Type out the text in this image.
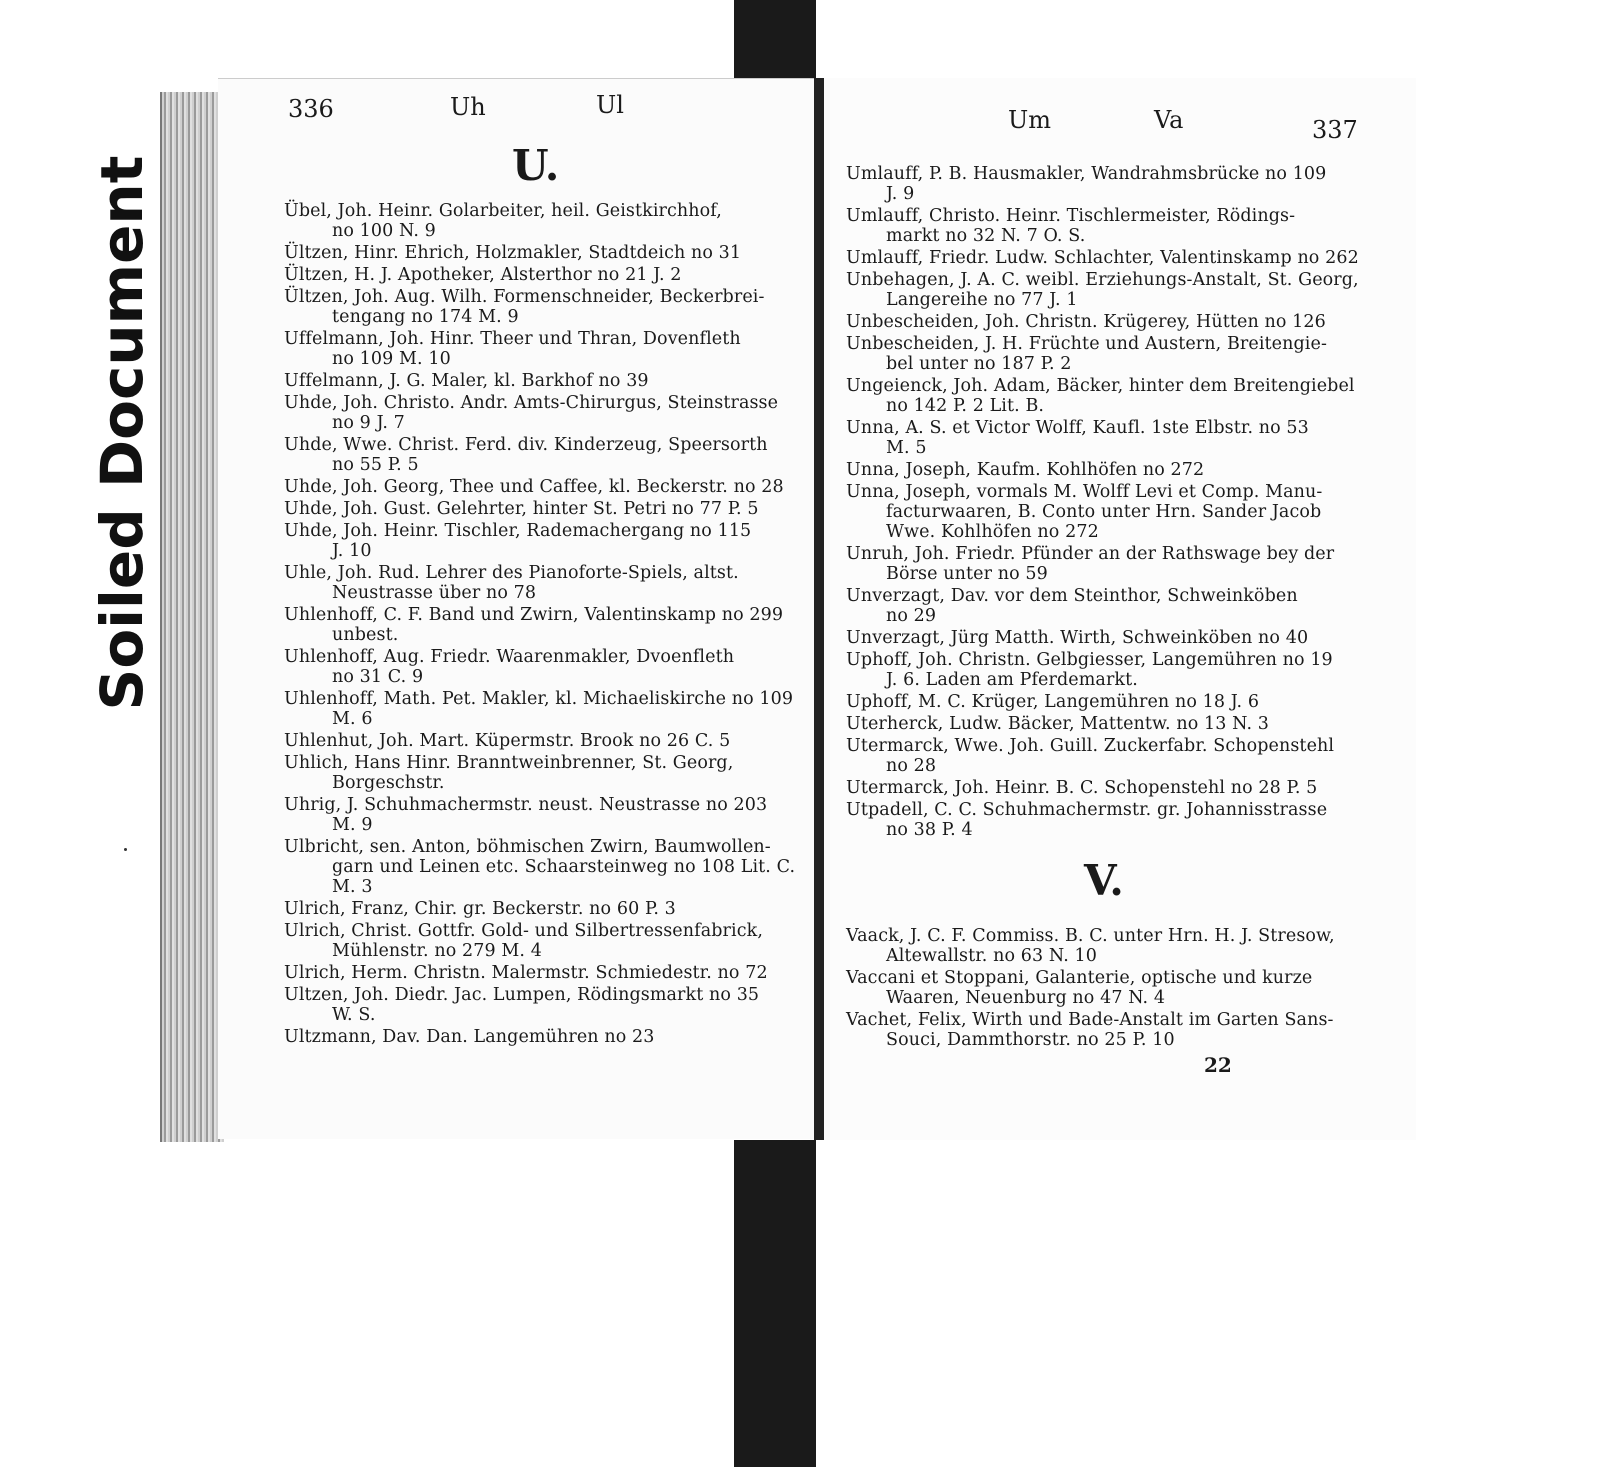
Soiled Document
336	Uh	Ul
U.
Übel, Joh. Heinr. Golarbeiter, heil. Geistkirchhof,
no 100 N. 9
Ültzen, Hinr. Ehrich, Holzmakler, Stadtdeich no 31
Ültzen, H. J. Apotheker, Alsterthor no 21 J. 2
Ültzen, Joh. Aug. Wilh. Formenschneider, Beckerbrei-
tengang no 174 M. 9
Uffelmann, Joh. Hinr. Theer und Thran, Dovenfleth
no 109 M. 10
Uffelmann, J. G. Maler, kl. Barkhof no 39
Uhde, Joh. Christo. Andr. Amts-Chirurgus, Steinstrasse
no 9 J. 7
Uhde, Wwe. Christ. Ferd. div. Kinderzeug, Speersorth
no 55 P. 5
Uhde, Joh. Georg, Thee und Caffee, kl. Beckerstr. no 28
Uhde, Joh. Gust. Gelehrter, hinter St. Petri no 77 P. 5
Uhde, Joh. Heinr. Tischler, Rademachergang no 115
J. 10
Uhle, Joh. Rud. Lehrer des Pianoforte-Spiels, altst.
Neustrasse über no 78
Uhlenhoff, C. F. Band und Zwirn, Valentinskamp no 299
unbest.
Uhlenhoff, Aug. Friedr. Waarenmakler, Dvoenfleth
no 31 C. 9
Uhlenhoff, Math. Pet. Makler, kl. Michaeliskirche no 109
M. 6
Uhlenhut, Joh. Mart. Küpermstr. Brook no 26 C. 5
Uhlich, Hans Hinr. Branntweinbrenner, St. Georg,
Borgeschstr.
Uhrig, J. Schuhmachermstr. neust. Neustrasse no 203
M. 9
Ulbricht, sen. Anton, böhmischen Zwirn, Baumwollen-
garn und Leinen etc. Schaarsteinweg no 108 Lit. C.
M. 3
Ulrich, Franz, Chir. gr. Beckerstr. no 60 P. 3
Ulrich, Christ. Gottfr. Gold- und Silbertressenfabrick,
Mühlenstr. no 279 M. 4
Ulrich, Herm. Christn. Malermstr. Schmiedestr. no 72
Ultzen, Joh. Diedr. Jac. Lumpen, Rödingsmarkt no 35
W. S.
Ultzmann, Dav. Dan. Langemühren no 23
Um	Va	337
Umlauff, P. B. Hausmakler, Wandrahmsbrücke no 109
J. 9
Umlauff, Christo. Heinr. Tischlermeister, Rödings-
markt no 32 N. 7 O. S.
Umlauff, Friedr. Ludw. Schlachter, Valentinskamp no 262
Unbehagen, J. A. C. weibl. Erziehungs-Anstalt, St. Georg,
Langereihe no 77 J. 1
Unbescheiden, Joh. Christn. Krügerey, Hütten no 126
Unbescheiden, J. H. Früchte und Austern, Breitengie-
bel unter no 187 P. 2
Ungeienck, Joh. Adam, Bäcker, hinter dem Breitengiebel
no 142 P. 2 Lit. B.
Unna, A. S. et Victor Wolff, Kaufl. 1ste Elbstr. no 53
M. 5
Unna, Joseph, Kaufm. Kohlhöfen no 272
Unna, Joseph, vormals M. Wolff Levi et Comp. Manu-
facturwaaren, B. Conto unter Hrn. Sander Jacob
Wwe. Kohlhöfen no 272
Unruh, Joh. Friedr. Pfünder an der Rathswage bey der
Börse unter no 59
Unverzagt, Dav. vor dem Steinthor, Schweinköben
no 29
Unverzagt, Jürg Matth. Wirth, Schweinköben no 40
Uphoff, Joh. Christn. Gelbgiesser, Langemühren no 19
J. 6. Laden am Pferdemarkt.
Uphoff, M. C. Krüger, Langemühren no 18 J. 6
Uterherck, Ludw. Bäcker, Mattentw. no 13 N. 3
Utermarck, Wwe. Joh. Guill. Zuckerfabr. Schopenstehl
no 28
Utermarck, Joh. Heinr. B. C. Schopenstehl no 28 P. 5
Utpadell, C. C. Schuhmachermstr. gr. Johannisstrasse
no 38 P. 4
V.
Vaack, J. C. F. Commiss. B. C. unter Hrn. H. J. Stresow,
Altewallstr. no 63 N. 10
Vaccani et Stoppani, Galanterie, optische und kurze
Waaren, Neuenburg no 47 N. 4
Vachet, Felix, Wirth und Bade-Anstalt im Garten Sans-
Souci, Dammthorstr. no 25 P. 10
22
